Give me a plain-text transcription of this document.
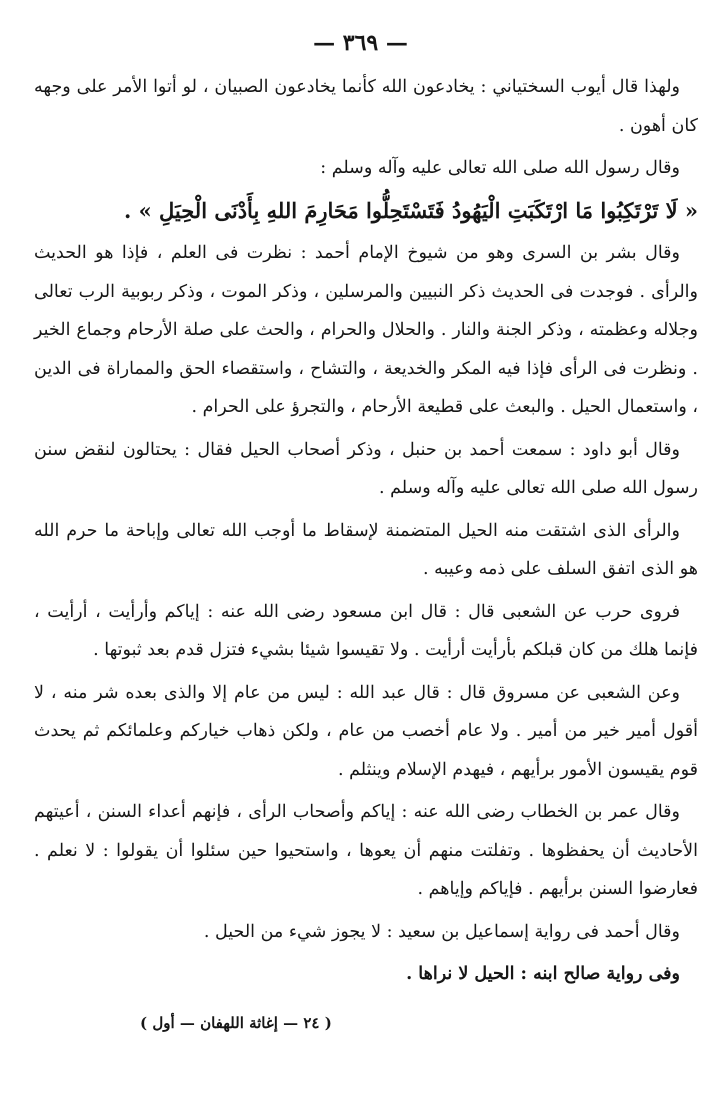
— ٣٦٩ —

ولهذا قال أيوب السختياني : يخادعون الله كأنما يخادعون الصبيان ، لو أتوا الأمر على وجهه كان أهون .

وقال رسول الله صلى الله تعالى عليه وآله وسلم :

« لَا تَرْتَكِبُوا مَا ارْتَكَبَتِ الْيَهُودُ فَتَسْتَحِلُّوا مَحَارِمَ اللهِ بِأَدْنَى الْحِيَلِ » .

وقال بشر بن السرى وهو من شيوخ الإمام أحمد : نظرت فى العلم ، فإذا هو الحديث والرأى . فوجدت فى الحديث ذكر النبيين والمرسلين ، وذكر الموت ، وذكر ربوبية الرب تعالى وجلاله وعظمته ، وذكر الجنة والنار . والحلال والحرام ، والحث على صلة الأرحام وجماع الخير . ونظرت فى الرأى فإذا فيه المكر والخديعة ، والتشاح ، واستقصاء الحق والمماراة فى الدين ، واستعمال الحيل . والبعث على قطيعة الأرحام ، والتجرؤ على الحرام .

وقال أبو داود : سمعت أحمد بن حنبل ، وذكر أصحاب الحيل فقال : يحتالون لنقض سنن رسول الله صلى الله تعالى عليه وآله وسلم .

والرأى الذى اشتقت منه الحيل المتضمنة لإسقاط ما أوجب الله تعالى وإباحة ما حرم الله هو الذى اتفق السلف على ذمه وعيبه .

فروى حرب عن الشعبى قال : قال ابن مسعود رضى الله عنه : إياكم وأرأيت ، أرأيت ، فإنما هلك من كان قبلكم بأرأيت أرأيت . ولا تقيسوا شيئا بشيء فتزل قدم بعد ثبوتها .

وعن الشعبى عن مسروق قال : قال عبد الله : ليس من عام إلا والذى بعده شر منه ، لا أقول أمير خير من أمير . ولا عام أخصب من عام ، ولكن ذهاب خياركم وعلمائكم ثم يحدث قوم يقيسون الأمور برأيهم ، فيهدم الإسلام وينثلم .

وقال عمر بن الخطاب رضى الله عنه : إياكم وأصحاب الرأى ، فإنهم أعداء السنن ، أعيتهم الأحاديث أن يحفظوها . وتفلتت منهم أن يعوها ، واستحيوا حين سئلوا أن يقولوا : لا نعلم . فعارضوا السنن برأيهم . فإياكم وإياهم .

وقال أحمد فى رواية إسماعيل بن سعيد : لا يجوز شيء من الحيل .

وفى رواية صالح ابنه : الحيل لا نراها .

( ٢٤ — إغاثة اللهفان — أول )
